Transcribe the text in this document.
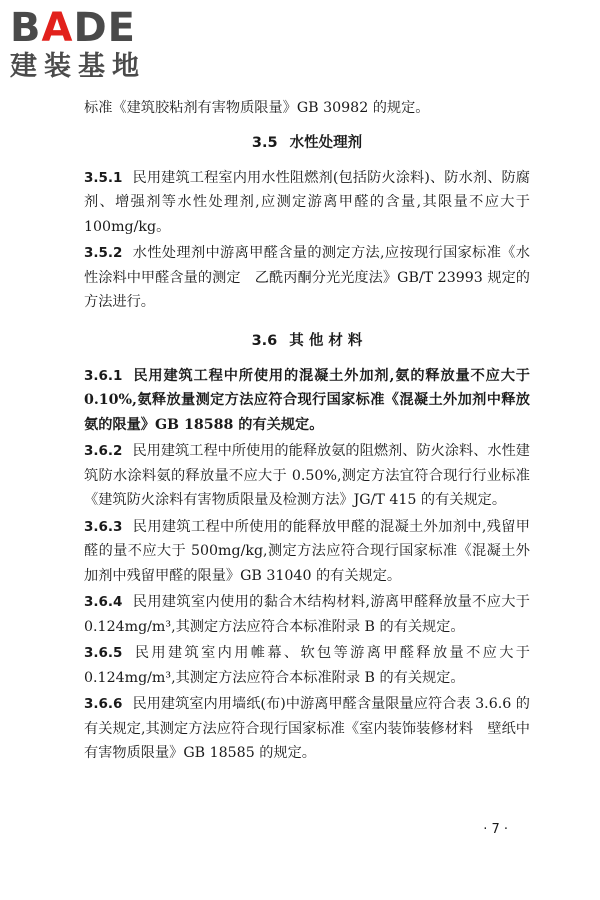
BADE
建装基地

标准《建筑胶粘剂有害物质限量》GB 30982 的规定。

3.5 水性处理剂

3.5.1 民用建筑工程室内用水性阻燃剂(包括防火涂料)、防水剂、防腐剂、增强剂等水性处理剂,应测定游离甲醛的含量,其限量不应大于 100mg/kg。

3.5.2 水性处理剂中游离甲醛含量的测定方法,应按现行国家标准《水性涂料中甲醛含量的测定　乙酰丙酮分光光度法》GB/T 23993 规定的方法进行。

3.6 其 他 材 料

3.6.1 民用建筑工程中所使用的混凝土外加剂,氨的释放量不应大于 0.10%,氨释放量测定方法应符合现行国家标准《混凝土外加剂中释放氨的限量》GB 18588 的有关规定。

3.6.2 民用建筑工程中所使用的能释放氨的阻燃剂、防火涂料、水性建筑防水涂料氨的释放量不应大于 0.50%,测定方法宜符合现行行业标准《建筑防火涂料有害物质限量及检测方法》JG/T 415 的有关规定。

3.6.3 民用建筑工程中所使用的能释放甲醛的混凝土外加剂中,残留甲醛的量不应大于 500mg/kg,测定方法应符合现行国家标准《混凝土外加剂中残留甲醛的限量》GB 31040 的有关规定。

3.6.4 民用建筑室内使用的黏合木结构材料,游离甲醛释放量不应大于 0.124mg/m³,其测定方法应符合本标准附录 B 的有关规定。

3.6.5 民用建筑室内用帷幕、软包等游离甲醛释放量不应大于 0.124mg/m³,其测定方法应符合本标准附录 B 的有关规定。

3.6.6 民用建筑室内用墙纸(布)中游离甲醛含量限量应符合表 3.6.6 的有关规定,其测定方法应符合现行国家标准《室内装饰装修材料　壁纸中有害物质限量》GB 18585 的规定。

· 7 ·
